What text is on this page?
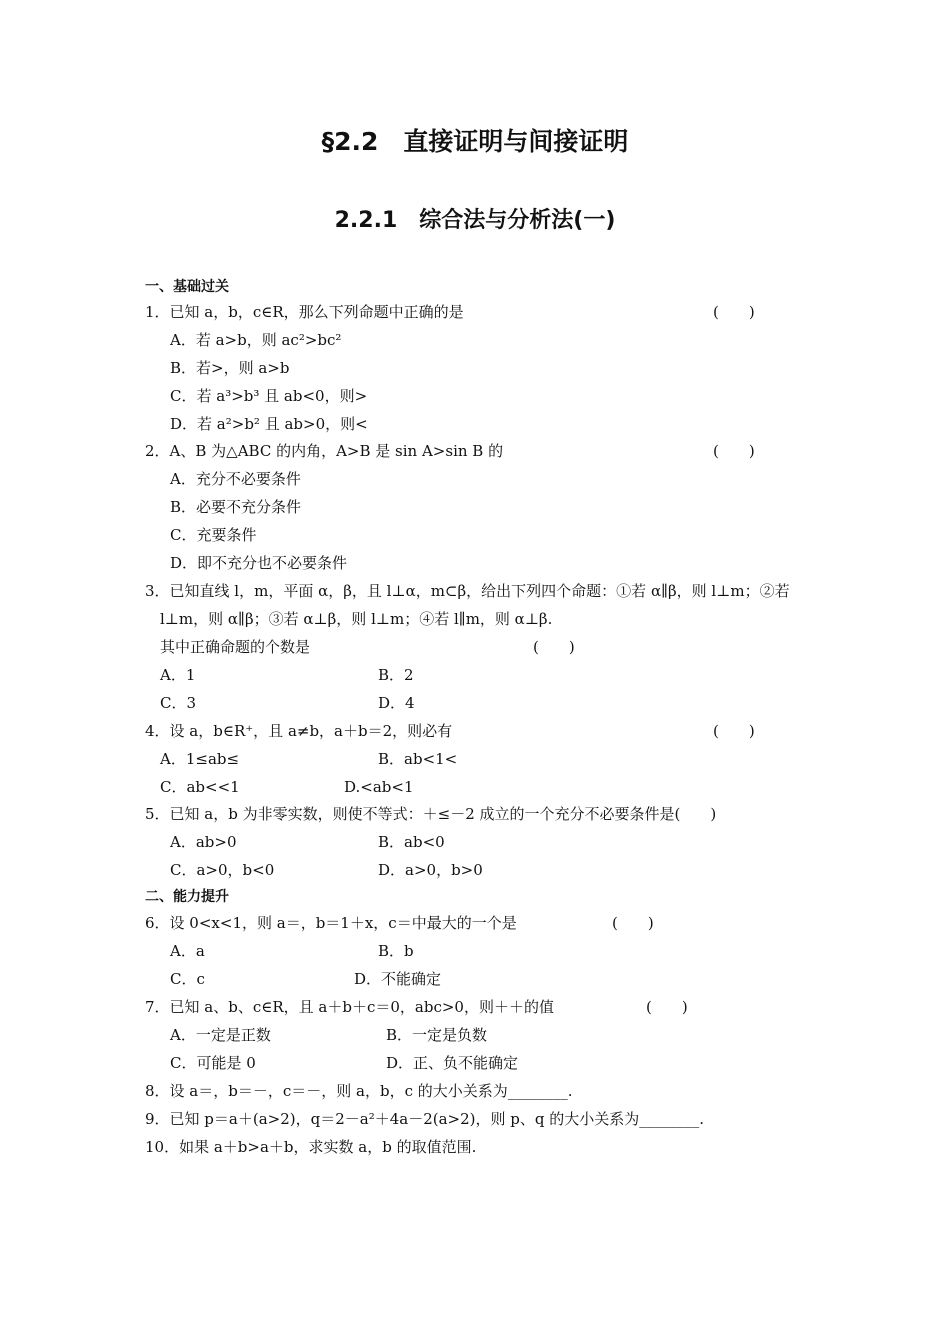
§2.2　直接证明与间接证明
2.2.1　综合法与分析法(一)
一、基础过关
1．已知 a，b，c∈R，那么下列命题中正确的是	(　　)
A．若 a>b，则 ac²>bc²
B．若>，则 a>b
C．若 a³>b³ 且 ab<0，则>
D．若 a²>b² 且 ab>0，则<
2．A、B 为△ABC 的内角，A>B 是 sin A>sin B 的	(　　)
A．充分不必要条件
B．必要不充分条件
C．充要条件
D．即不充分也不必要条件
3．已知直线 l，m，平面 α，β，且 l⊥α，m⊂β，给出下列四个命题：①若 α∥β，则 l⊥m；②若
l⊥m，则 α∥β；③若 α⊥β，则 l⊥m；④若 l∥m，则 α⊥β.
其中正确命题的个数是	(　　)
A．1	B．2
C．3	D．4
4．设 a，b∈R⁺，且 a≠b，a＋b＝2，则必有	(　　)
A．1≤ab≤	B．ab<1<
C．ab<<1	D.<ab<1
5．已知 a，b 为非零实数，则使不等式：＋≤－2 成立的一个充分不必要条件是(　　)
A．ab>0	B．ab<0
C．a>0，b<0	D．a>0，b>0
二、能力提升
6．设 0<x<1，则 a＝，b＝1＋x，c＝中最大的一个是	(　　)
A．a	B．b
C．c	D．不能确定
7．已知 a、b、c∈R，且 a＋b＋c＝0，abc>0，则＋＋的值	(　　)
A．一定是正数	B．一定是负数
C．可能是 0	D．正、负不能确定
8．设 a＝，b＝－，c＝－，则 a，b，c 的大小关系为________.
9．已知 p＝a＋(a>2)，q＝2－a²＋4a－2(a>2)，则 p、q 的大小关系为________.
10．如果 a＋b>a＋b，求实数 a，b 的取值范围.
